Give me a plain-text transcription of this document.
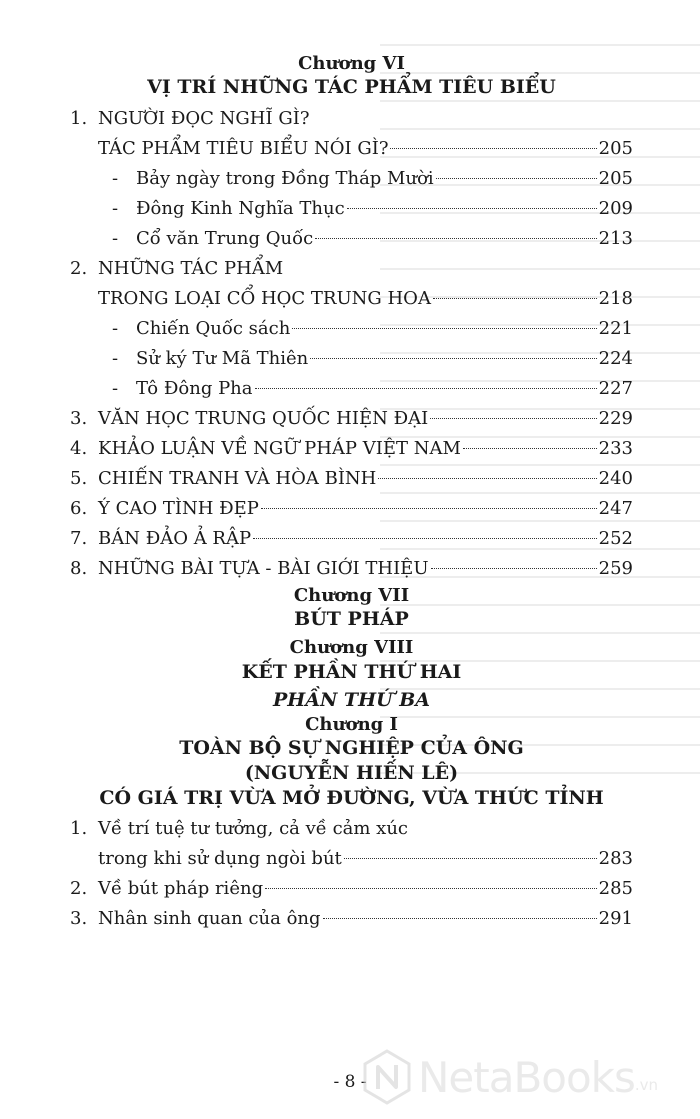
Chương VI
VỊ TRÍ NHỮNG TÁC PHẨM TIÊU BIỂU
1. NGƯỜI ĐỌC NGHĨ GÌ?
TÁC PHẨM TIÊU BIỂU NÓI GÌ?	205
- Bảy ngày trong Đồng Tháp Mười	205
- Đông Kinh Nghĩa Thục	209
- Cổ văn Trung Quốc	213
2. NHỮNG TÁC PHẨM
TRONG LOẠI CỔ HỌC TRUNG HOA	218
- Chiến Quốc sách	221
- Sử ký Tư Mã Thiên	224
- Tô Đông Pha	227
3. VĂN HỌC TRUNG QUỐC HIỆN ĐẠI	229
4. KHẢO LUẬN VỀ NGỮ PHÁP VIỆT NAM	233
5. CHIẾN TRANH VÀ HÒA BÌNH	240
6. Ý CAO TÌNH ĐẸP	247
7. BÁN ĐẢO Ả RẬP	252
8. NHỮNG BÀI TỰA - BÀI GIỚI THIỆU	259
Chương VII
BÚT PHÁP
Chương VIII
KẾT PHẦN THỨ HAI
PHẦN THỨ BA
Chương I
TOÀN BỘ SỰ NGHIỆP CỦA ÔNG
(NGUYỄN HIẾN LÊ)
CÓ GIÁ TRỊ VỪA MỞ ĐƯỜNG, VỪA THỨC TỈNH
1. Về trí tuệ tư tưởng, cả về cảm xúc
trong khi sử dụng ngòi bút	283
2. Về bút pháp riêng	285
3. Nhân sinh quan của ông	291
- 8 -	NetaBooks .vn
